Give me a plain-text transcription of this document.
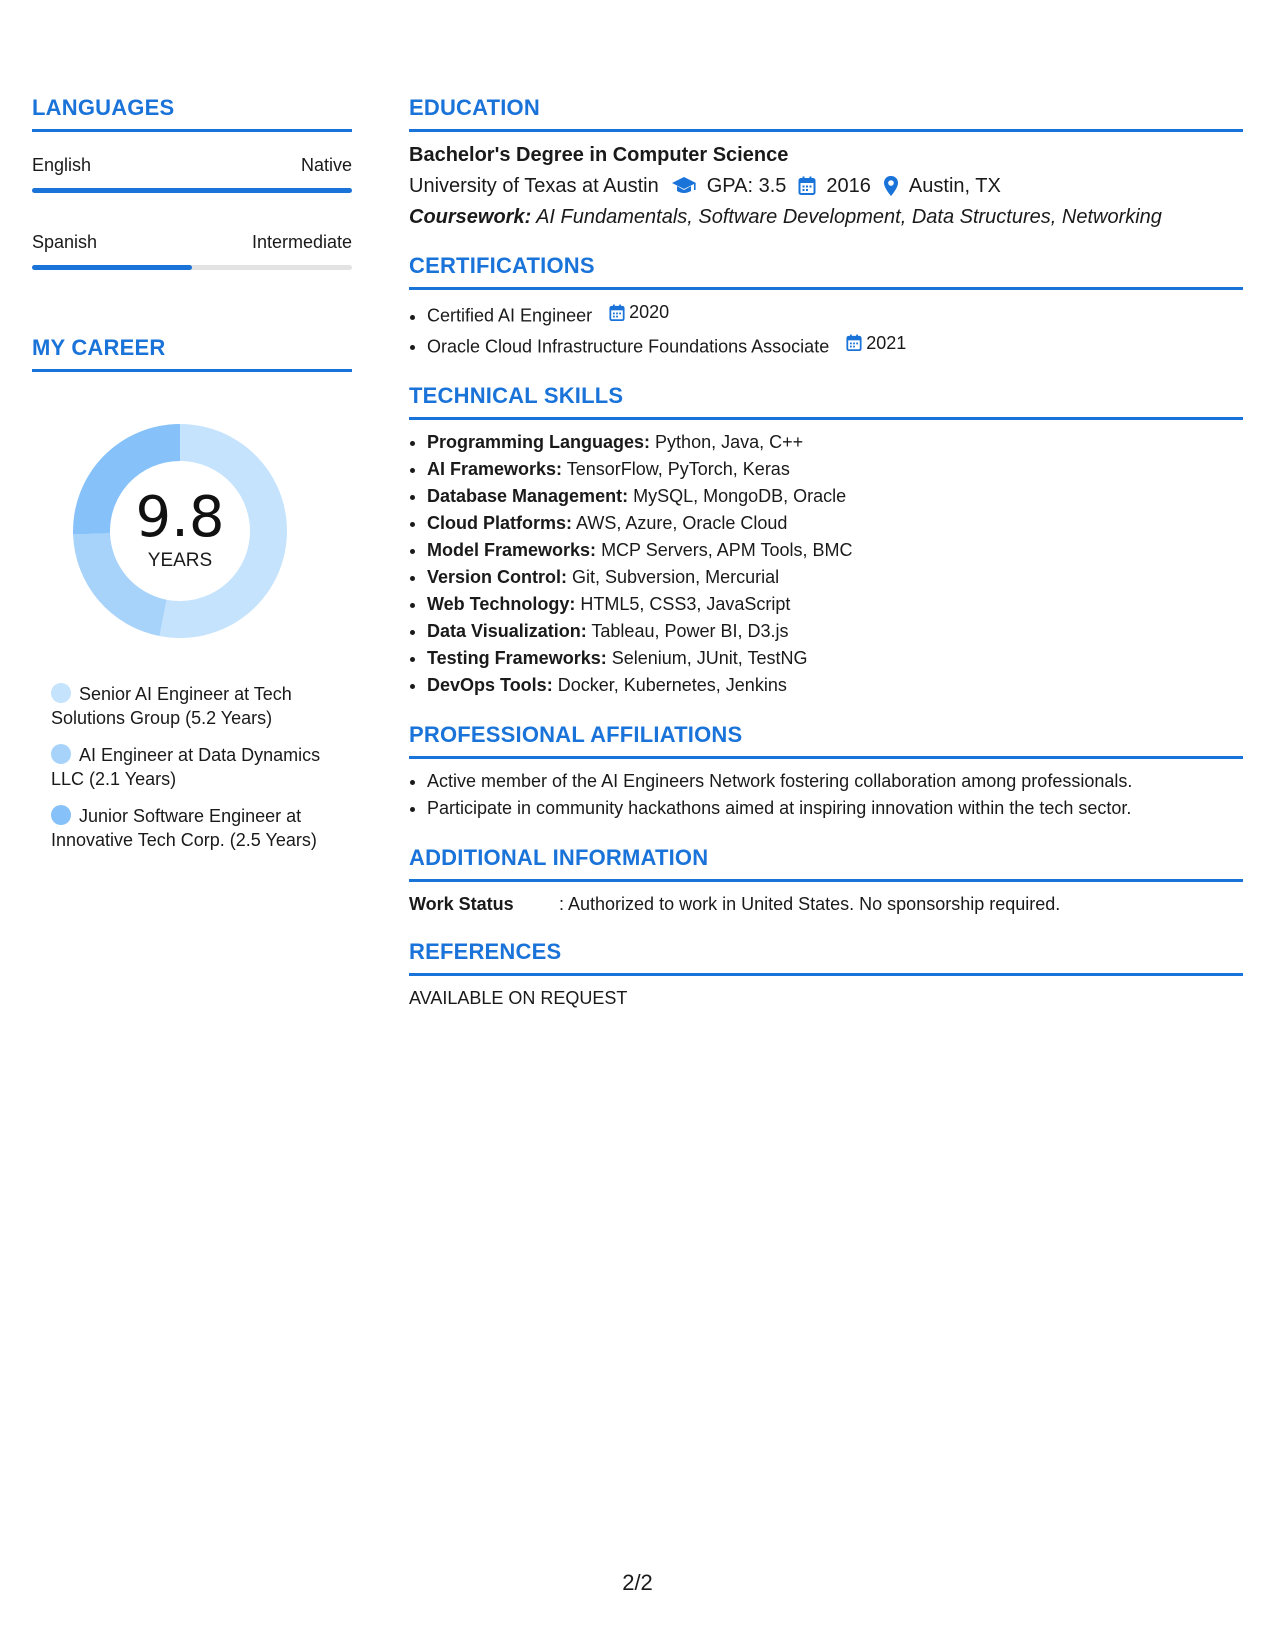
LANGUAGES
English	Native
Spanish	Intermediate
MY CAREER
9.8
YEARS
Senior AI Engineer at Tech Solutions Group (5.2 Years)
AI Engineer at Data Dynamics LLC (2.1 Years)
Junior Software Engineer at Innovative Tech Corp. (2.5 Years)
EDUCATION
Bachelor's Degree in Computer Science
University of Texas at Austin GPA: 3.5 2016 Austin, TX
Coursework: AI Fundamentals, Software Development, Data Structures, Networking
CERTIFICATIONS
• Certified AI Engineer 2020
• Oracle Cloud Infrastructure Foundations Associate 2021
TECHNICAL SKILLS
• Programming Languages: Python, Java, C++
• AI Frameworks: TensorFlow, PyTorch, Keras
• Database Management: MySQL, MongoDB, Oracle
• Cloud Platforms: AWS, Azure, Oracle Cloud
• Model Frameworks: MCP Servers, APM Tools, BMC
• Version Control: Git, Subversion, Mercurial
• Web Technology: HTML5, CSS3, JavaScript
• Data Visualization: Tableau, Power BI, D3.js
• Testing Frameworks: Selenium, JUnit, TestNG
• DevOps Tools: Docker, Kubernetes, Jenkins
PROFESSIONAL AFFILIATIONS
• Active member of the AI Engineers Network fostering collaboration among professionals.
• Participate in community hackathons aimed at inspiring innovation within the tech sector.
ADDITIONAL INFORMATION
Work Status	: Authorized to work in United States. No sponsorship required.
REFERENCES
AVAILABLE ON REQUEST
2/2
